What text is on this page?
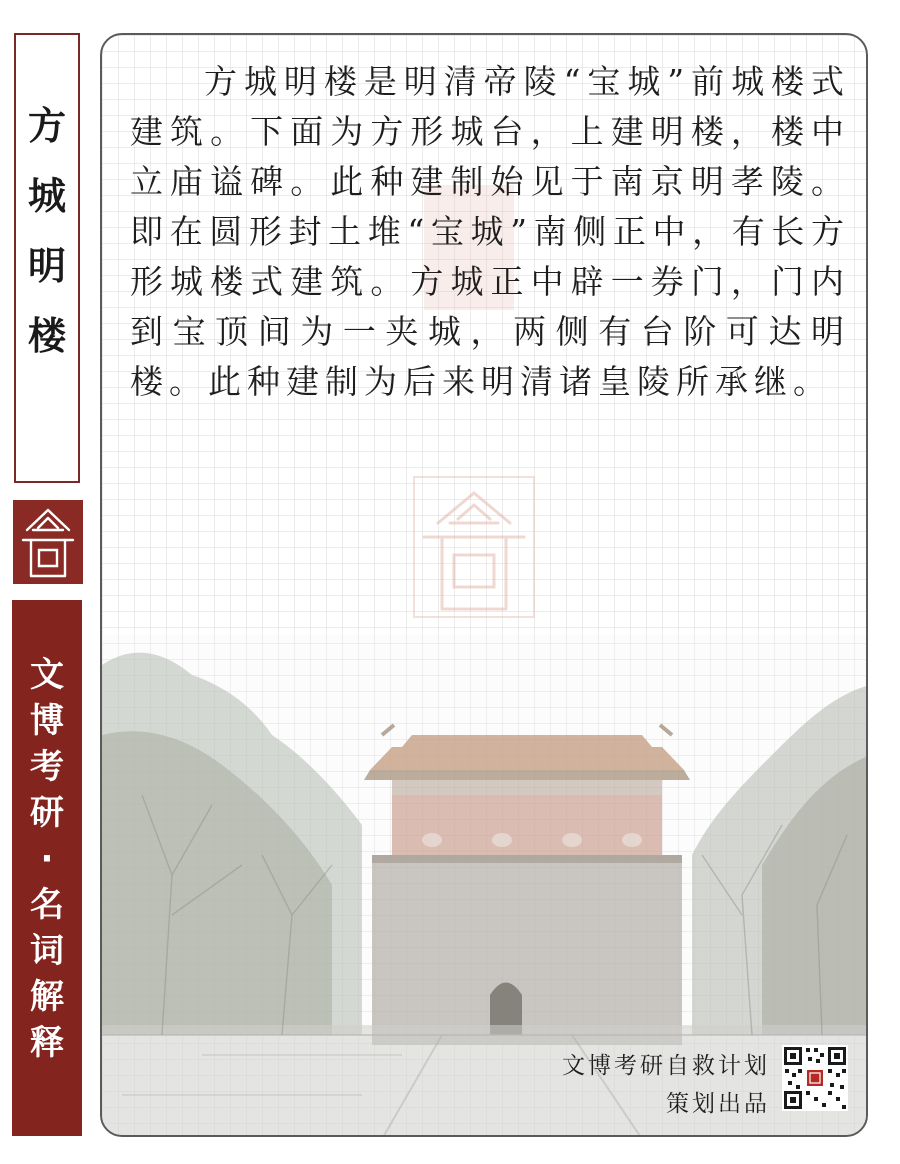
方
城
明
楼
文
博
考
研
·
名
词
解
释

方城明楼是明清帝陵“宝城”前城楼式建筑。下面为方形城台，上建明楼，楼中立庙谥碑。此种建制始见于南京明孝陵。即在圆形封土堆“宝城”南侧正中，有长方形城楼式建筑。方城正中辟一券门，门内到宝顶间为一夹城，两侧有台阶可达明楼。此种建制为后来明清诸皇陵所承继。

文博考研自救计划
策划出品
